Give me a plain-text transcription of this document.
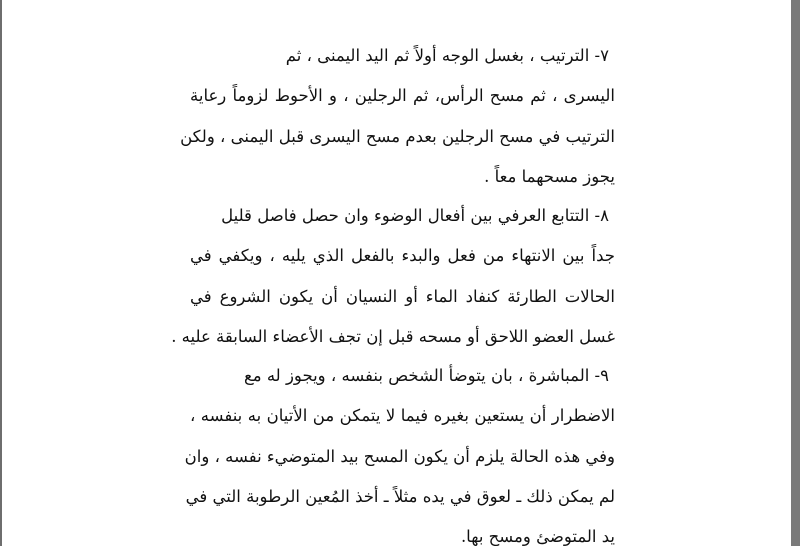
٧- الترتيب ، بغسل الوجه أولاً ثم اليد اليمنى ، ثم
اليسرى ، ثم مسح الرأس، ثم الرجلين ، و الأحوط لزوماً رعاية
الترتيب في مسح الرجلين بعدم مسح اليسرى قبل اليمنى ، ولكن
يجوز مسحهما معاً .
٨- التتابع العرفي بين أفعال الوضوء وان حصل فاصل قليل
جداً بين الانتهاء من فعل والبدء بالفعل الذي يليه ، ويكفي في
الحالات الطارئة كنفاد الماء أو النسيان أن يكون الشروع في
غسل العضو اللاحق أو مسحه قبل إن تجف الأعضاء السابقة عليه .
٩- المباشرة ، بان يتوضأ الشخص بنفسه ، ويجوز له مع
الاضطرار أن يستعين بغيره فيما لا يتمكن من الأتيان به بنفسه ،
وفي هذه الحالة يلزم أن يكون المسح بيد المتوضيء نفسه ، وان
لم يمكن ذلك ـ لعوق في يده مثلاً ـ أخذ المُعين الرطوبة التي في
يد المتوضئ ومسح بها.
